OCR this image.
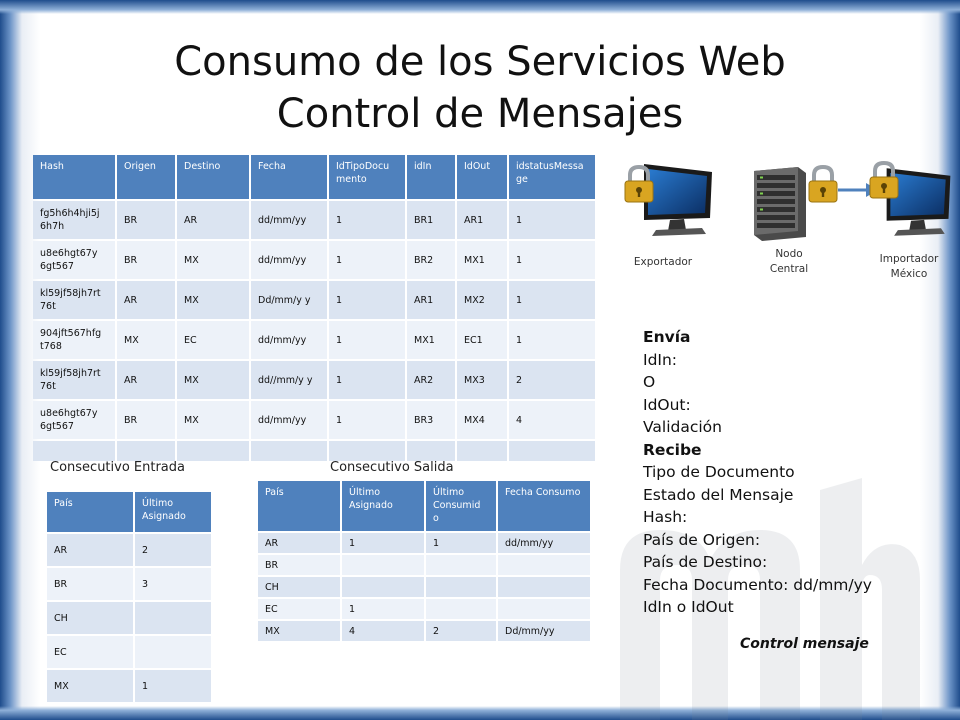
Consumo de los Servicios Web
Control de Mensajes
Hash	Origen	Destino	Fecha	IdTipoDocu mento	idIn	IdOut	idstatusMessa ge
fg5h6h4hji5j 6h7h	BR	AR	dd/mm/yy	1	BR1	AR1	1
u8e6hgt67y 6gt567	BR	MX	dd/mm/yy	1	BR2	MX1	1
kl59jf58jh7rt 76t	AR	MX	Dd/mm/y y	1	AR1	MX2	1
904jft567hfg t768	MX	EC	dd/mm/yy	1	MX1	EC1	1
kl59jf58jh7rt 76t	AR	MX	dd//mm/y y	1	AR2	MX3	2
u8e6hgt67y 6gt567	BR	MX	dd/mm/yy	1	BR3	MX4	4

Consecutivo Entrada	Consecutivo Salida
País	Último Asignado
AR	2
BR	3
CH	
EC	
MX	1
País	Último Asignado	Último Consumid o	Fecha Consumo
AR	1	1	dd/mm/yy
BR			
CH			
EC	1		
MX	4	2	Dd/mm/yy
Exportador
Nodo Central
Importador México
Envía
IdIn:
O
IdOut:
Validación
Recibe
Tipo de Documento
Estado del Mensaje
Hash:
País de Origen:
País de Destino:
Fecha Documento: dd/mm/yy
IdIn o IdOut
Control mensaje
